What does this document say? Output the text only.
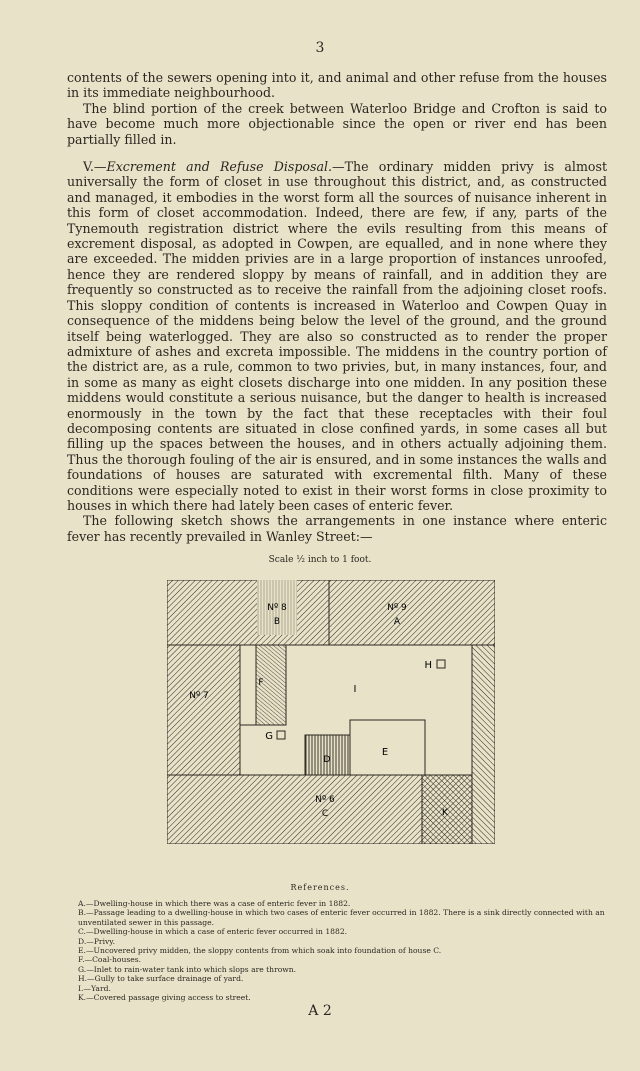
3

contents of the sewers opening into it, and animal and other refuse from the houses in its immediate neighbourhood.

The blind portion of the creek between Waterloo Bridge and Crofton is said to have become much more objectionable since the open or river end has been partially filled in.

V.—Excrement and Refuse Disposal.—The ordinary midden privy is almost universally the form of closet in use throughout this district, and, as constructed and managed, it embodies in the worst form all the sources of nuisance inherent in this form of closet accommodation. Indeed, there are few, if any, parts of the Tynemouth registration district where the evils resulting from this means of excrement disposal, as adopted in Cowpen, are equalled, and in none where they are exceeded. The midden privies are in a large proportion of instances unroofed, hence they are rendered sloppy by means of rainfall, and in addition they are frequently so constructed as to receive the rainfall from the adjoining closet roofs. This sloppy condition of contents is increased in Waterloo and Cowpen Quay in consequence of the middens being below the level of the ground, and the ground itself being waterlogged. They are also so constructed as to render the proper admixture of ashes and excreta impossible. The middens in the country portion of the district are, as a rule, common to two privies, but, in many instances, four, and in some as many as eight closets discharge into one midden. In any position these middens would constitute a serious nuisance, but the danger to health is increased enormously in the town by the fact that these receptacles with their foul decomposing contents are situated in close confined yards, in some cases all but filling up the spaces between the houses, and in others actually adjoining them. Thus the thorough fouling of the air is ensured, and in some instances the walls and foundations of houses are saturated with excremental filth. Many of these conditions were especially noted to exist in their worst forms in close proximity to houses in which there had lately been cases of enteric fever.

The following sketch shows the arrangements in one instance where enteric fever has recently prevailed in Wanley Street:—

Scale ½ inch to 1 foot.
Nº 8
B
Nº 9
A
Nº 7
F
I
H
G
D
E
Nº 6
C	K
References.
A.—Dwelling-house in which there was a case of enteric fever in 1882.
B.—Passage leading to a dwelling-house in which two cases of enteric fever occurred in 1882. There is a sink directly connected with an unventilated sewer in this passage.
C.—Dwelling-house in which a case of enteric fever occurred in 1882.
D.—Privy.
E.—Uncovered privy midden, the sloppy contents from which soak into foundation of house C.
F.—Coal-houses.
G.—Inlet to rain-water tank into which slops are thrown.
H.—Gully to take surface drainage of yard.
I.—Yard.
K.—Covered passage giving access to street.
A 2
